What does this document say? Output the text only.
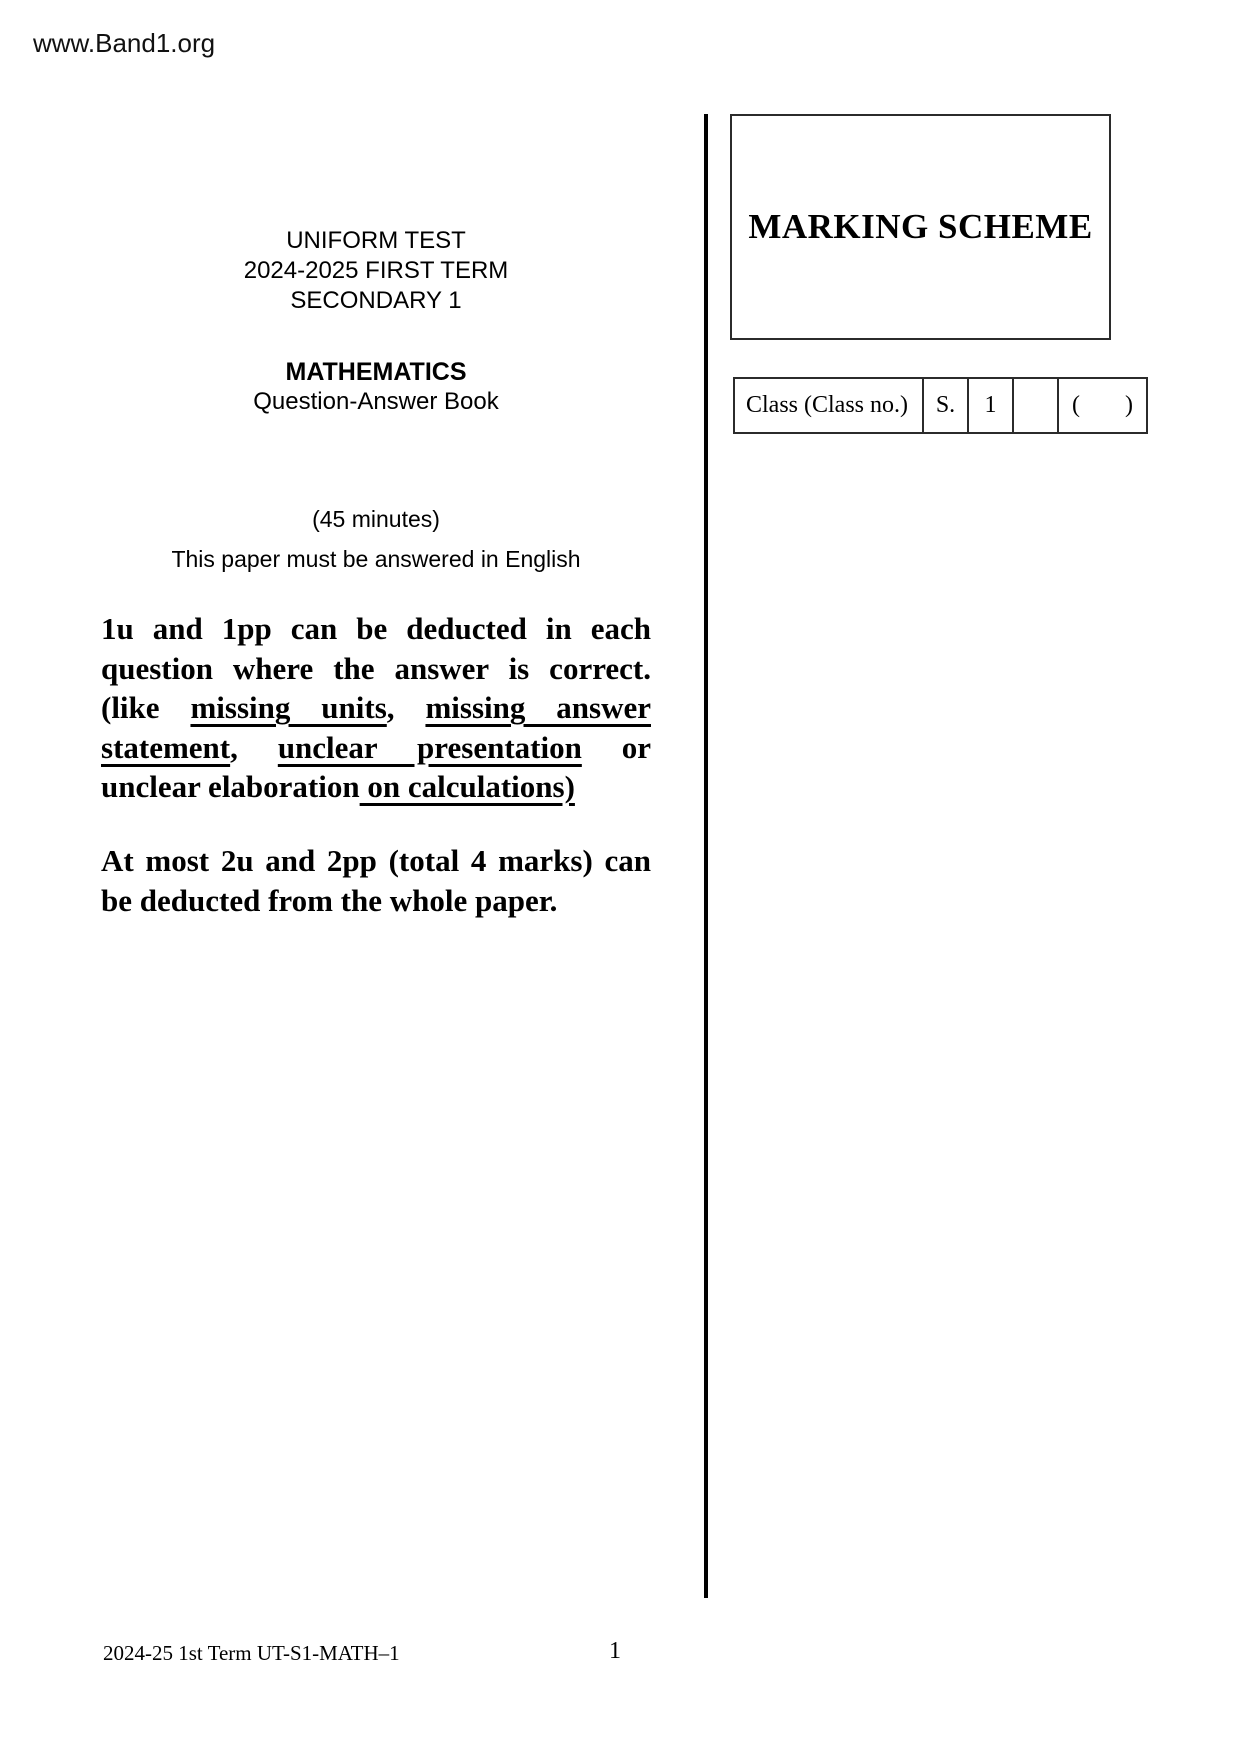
www.Band1.org
UNIFORM TEST
2024-2025 FIRST TERM
SECONDARY 1
MATHEMATICS
Question-Answer Book
(45 minutes)
This paper must be answered in English
1u and 1pp can be deducted in each
question where the answer is correct.
(like missing units, missing answer
statement, unclear presentation or
unclear elaboration on calculations)
At most 2u and 2pp (total 4 marks) can
be deducted from the whole paper.
MARKING SCHEME
Class (Class no.)	S.	1	( )
2024-25 1st Term UT-S1-MATH–1	1
